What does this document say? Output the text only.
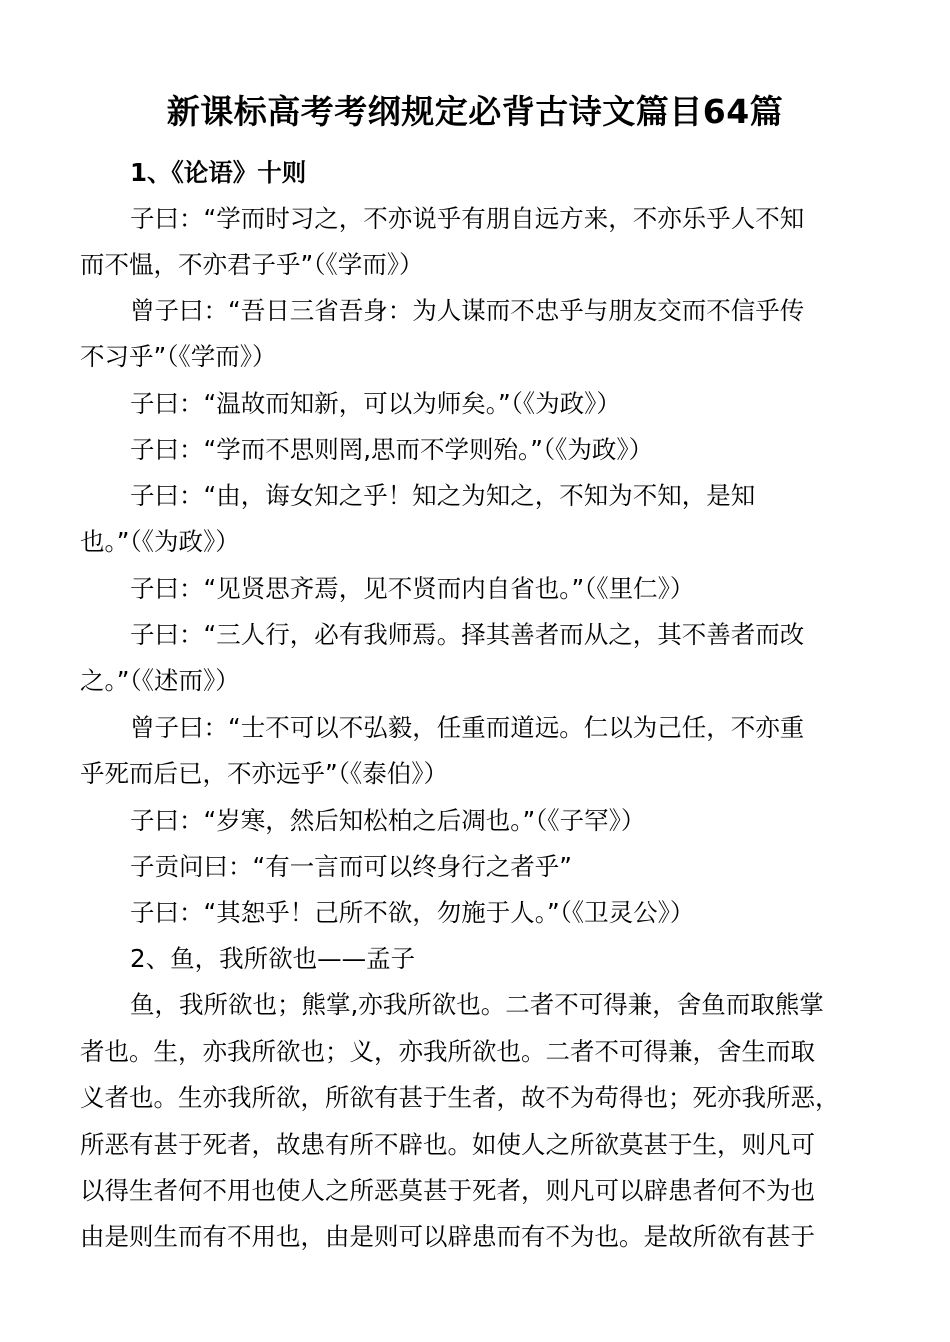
新课标高考考纲规定必背古诗文篇目64篇
1、《论语》十则
子曰：“学而时习之，不亦说乎有朋自远方来，不亦乐乎人不知
而不愠，不亦君子乎”（《学而》）
曾子曰：“吾日三省吾身：为人谋而不忠乎与朋友交而不信乎传
不习乎”（《学而》）
子曰：“温故而知新，可以为师矣。”（《为政》）
子曰：“学而不思则罔,思而不学则殆。”（《为政》）
子曰：“由，诲女知之乎！知之为知之，不知为不知，是知
也。”（《为政》）
子曰：“见贤思齐焉，见不贤而内自省也。”（《里仁》）
子曰：“三人行，必有我师焉。择其善者而从之，其不善者而改
之。”（《述而》）
曾子曰：“士不可以不弘毅，任重而道远。仁以为己任，不亦重
乎死而后已，不亦远乎”（《泰伯》）
子曰：“岁寒，然后知松柏之后凋也。”（《子罕》）
子贡问曰：“有一言而可以终身行之者乎”
子曰：“其恕乎！己所不欲，勿施于人。”（《卫灵公》）
2、鱼，我所欲也——孟子
鱼，我所欲也；熊掌,亦我所欲也。二者不可得兼，舍鱼而取熊掌
者也。生，亦我所欲也；义，亦我所欲也。二者不可得兼，舍生而取
义者也。生亦我所欲，所欲有甚于生者，故不为苟得也；死亦我所恶，
所恶有甚于死者，故患有所不辟也。如使人之所欲莫甚于生，则凡可
以得生者何不用也使人之所恶莫甚于死者，则凡可以辟患者何不为也
由是则生而有不用也，由是则可以辟患而有不为也。是故所欲有甚于
